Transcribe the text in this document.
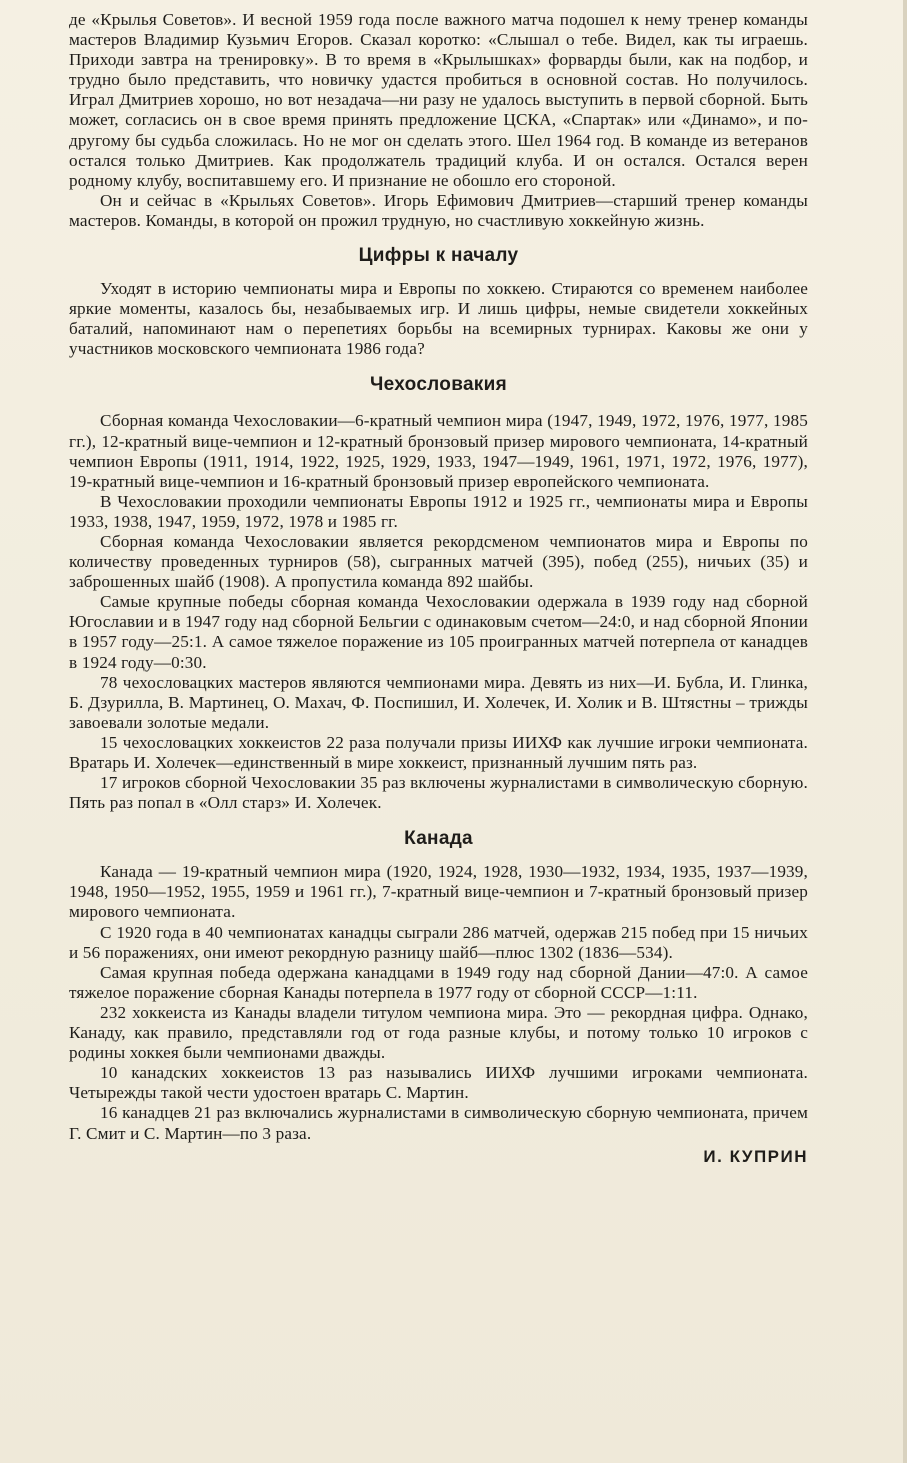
де «Крылья Советов». И весной 1959 года после важного матча подошел к нему тренер команды мастеров Владимир Кузьмич Егоров. Сказал коротко: «Слышал о тебе. Видел, как ты играешь. Приходи завтра на тренировку». В то время в «Крылышках» форварды были, как на подбор, и трудно было представить, что новичку удастся пробиться в основной состав. Но получилось. Играл Дмитриев хорошо, но вот незадача—ни разу не удалось выступить в первой сборной. Быть может, согласись он в свое время принять предложение ЦСКА, «Спартак» или «Динамо», и по-другому бы судьба сложилась. Но не мог он сделать этого. Шел 1964 год. В команде из ветеранов остался только Дмитриев. Как продолжатель традиций клуба. И он остался. Остался верен родному клубу, воспитавшему его. И признание не обошло его стороной.

Он и сейчас в «Крыльях Советов». Игорь Ефимович Дмитриев—старший тренер команды мастеров. Команды, в которой он прожил трудную, но счастливую хоккейную жизнь.

Цифры к началу

Уходят в историю чемпионаты мира и Европы по хоккею. Стираются со временем наиболее яркие моменты, казалось бы, незабываемых игр. И лишь цифры, немые свидетели хоккейных баталий, напоминают нам о перепетиях борьбы на всемирных турнирах. Каковы же они у участников московского чемпионата 1986 года?

Чехословакия

Сборная команда Чехословакии—6-кратный чемпион мира (1947, 1949, 1972, 1976, 1977, 1985 гг.), 12-кратный вице-чемпион и 12-кратный бронзовый призер мирового чемпионата, 14-кратный чемпион Европы (1911, 1914, 1922, 1925, 1929, 1933, 1947—1949, 1961, 1971, 1972, 1976, 1977), 19-кратный вице-чемпион и 16-кратный бронзовый призер европейского чемпионата.

В Чехословакии проходили чемпионаты Европы 1912 и 1925 гг., чемпионаты мира и Европы 1933, 1938, 1947, 1959, 1972, 1978 и 1985 гг.

Сборная команда Чехословакии является рекордсменом чемпионатов мира и Европы по количеству проведенных турниров (58), сыгранных матчей (395), побед (255), ничьих (35) и заброшенных шайб (1908). А пропустила команда 892 шайбы.

Самые крупные победы сборная команда Чехословакии одержала в 1939 году над сборной Югославии и в 1947 году над сборной Бельгии с одинаковым счетом—24:0, и над сборной Японии в 1957 году—25:1. А самое тяжелое поражение из 105 проигранных матчей потерпела от канадцев в 1924 году—0:30.

78 чехословацких мастеров являются чемпионами мира. Девять из них—И. Бубла, И. Глинка, Б. Дзурилла, В. Мартинец, О. Махач, Ф. Поспишил, И. Холечек, И. Холик и В. Штястны – трижды завоевали золотые медали.

15 чехословацких хоккеистов 22 раза получали призы ИИХФ как лучшие игроки чемпионата. Вратарь И. Холечек—единственный в мире хоккеист, признанный лучшим пять раз.

17 игроков сборной Чехословакии 35 раз включены журналистами в символическую сборную. Пять раз попал в «Олл старз» И. Холечек.

Канада

Канада — 19-кратный чемпион мира (1920, 1924, 1928, 1930—1932, 1934, 1935, 1937—1939, 1948, 1950—1952, 1955, 1959 и 1961 гг.), 7-кратный вице-чемпион и 7-кратный бронзовый призер мирового чемпионата.

С 1920 года в 40 чемпионатах канадцы сыграли 286 матчей, одержав 215 побед при 15 ничьих и 56 поражениях, они имеют рекордную разницу шайб—плюс 1302 (1836—534).

Самая крупная победа одержана канадцами в 1949 году над сборной Дании—47:0. А самое тяжелое поражение сборная Канады потерпела в 1977 году от сборной СССР—1:11.

232 хоккеиста из Канады владели титулом чемпиона мира. Это — рекордная цифра. Однако, Канаду, как правило, представляли год от года разные клубы, и потому только 10 игроков с родины хоккея были чемпионами дважды.

10 канадских хоккеистов 13 раз назывались ИИХФ лучшими игроками чемпионата. Четырежды такой чести удостоен вратарь С. Мартин.

16 канадцев 21 раз включались журналистами в символическую сборную чемпионата, причем Г. Смит и С. Мартин—по 3 раза.

И. КУПРИН
